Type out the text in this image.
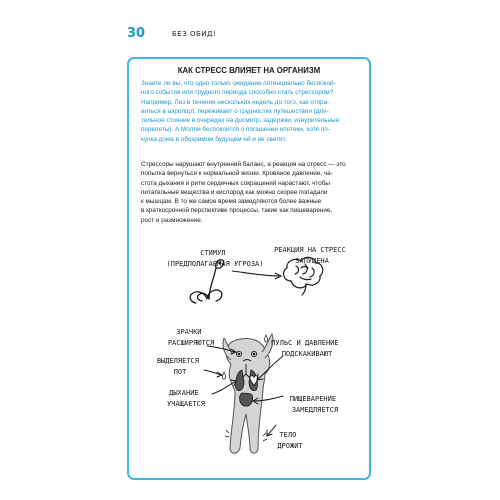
30	БЕЗ ОБИД!
КАК СТРЕСС ВЛИЯЕТ НА ОРГАНИЗМ

Знаете ли вы, что одно только ожидание потенциально беспокой-
ного события или трудного периода способно стать стрессором?
Например, Лиз в течение нескольких недель до того, как отпра-
виться в аэропорт, переживает о трудностях путешествия (дли-
тельное стояние в очередях на досмотр, задержки, изнурительные
перелеты). А Молли беспокоится о погашении ипотеки, хотя по-
купка дома в обозримом будущем ей и не светит.

Стрессоры нарушают внутренний баланс, а реакция на стресс — это
попытка вернуться к нормальной жизни. Кровяное давление, ча-
стота дыхания и ритм сердечных сокращений нарастают, чтобы
питательные вещества и кислород как можно скорее попадали
к мышцам. В то же самое время замедляются более важные
в краткосрочной перспективе процессы, такие как пищеварение,
рост и размножение.

СТИМУЛ (ПРЕДПОЛАГАЕМАЯ УГРОЗА)
РЕАКЦИЯ НА СТРЕСС ЗАПУЩЕНА
ЗРАЧКИ РАСШИРЯЮТСЯ
ВЫДЕЛЯЕТСЯ ПОТ
ПУЛЬС И ДАВЛЕНИЕ ПОДСКАКИВАЮТ
ДЫХАНИЕ УЧАЩАЕТСЯ
ПИЩЕВАРЕНИЕ ЗАМЕДЛЯЕТСЯ
ТЕЛО ДРОЖИТ
